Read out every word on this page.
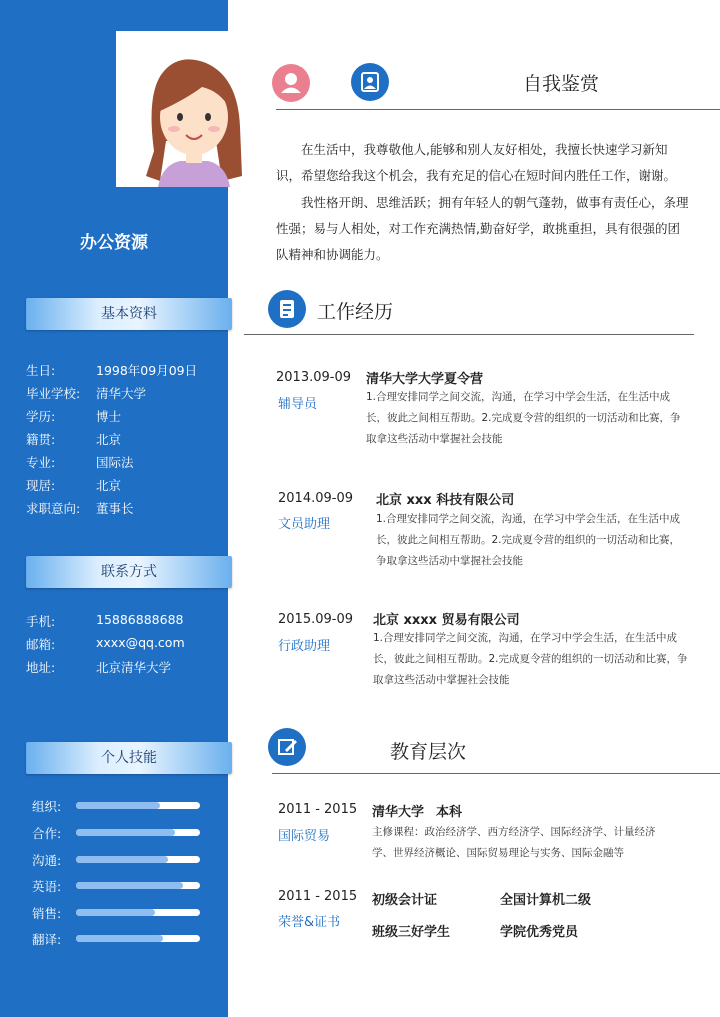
办公资源
基本资料
生日:	1998年09月09日
毕业学校: 清华大学
学历:	博士
籍贯:	北京
专业:	国际法
现居:	北京
求职意向: 董事长
联系方式
手机:	15886888688
邮箱:	xxxx@qq.com
地址:	北京清华大学
个人技能
组织:
合作:
沟通:
英语:
销售:
翻译:
自我鉴赏
　　在生活中，我尊敬他人,能够和别人友好相处，我擅长快速学习新知识，希望您给我这个机会，我有充足的信心在短时间内胜任工作，谢谢。
　　我性格开朗、思维活跃；拥有年轻人的朝气蓬勃，做事有责任心，条理性强；易与人相处，对工作充满热情,勤奋好学，敢挑重担，具有很强的团队精神和协调能力。
工作经历
2013.09-09
辅导员
清华大学大学夏令营
1.合理安排同学之间交流，沟通，在学习中学会生活，在生活中成长，彼此之间相互帮助。2.完成夏令营的组织的一切活动和比赛，争取拿这些活动中掌握社会技能
2014.09-09
文员助理
北京 xxx 科技有限公司
1.合理安排同学之间交流，沟通，在学习中学会生活，在生活中成长，彼此之间相互帮助。2.完成夏令营的组织的一切活动和比赛，争取拿这些活动中掌握社会技能
2015.09-09
行政助理
北京 xxxx 贸易有限公司
1.合理安排同学之间交流，沟通，在学习中学会生活，在生活中成长，彼此之间相互帮助。2.完成夏令营的组织的一切活动和比赛，争取拿这些活动中掌握社会技能
教育层次
2011 - 2015
国际贸易
清华大学 本科
主修课程：政治经济学、西方经济学、国际经济学、计量经济学、世界经济概论、国际贸易理论与实务、国际金融等
2011 - 2015
荣誉&证书
初级会计证	全国计算机二级
班级三好学生	学院优秀党员
